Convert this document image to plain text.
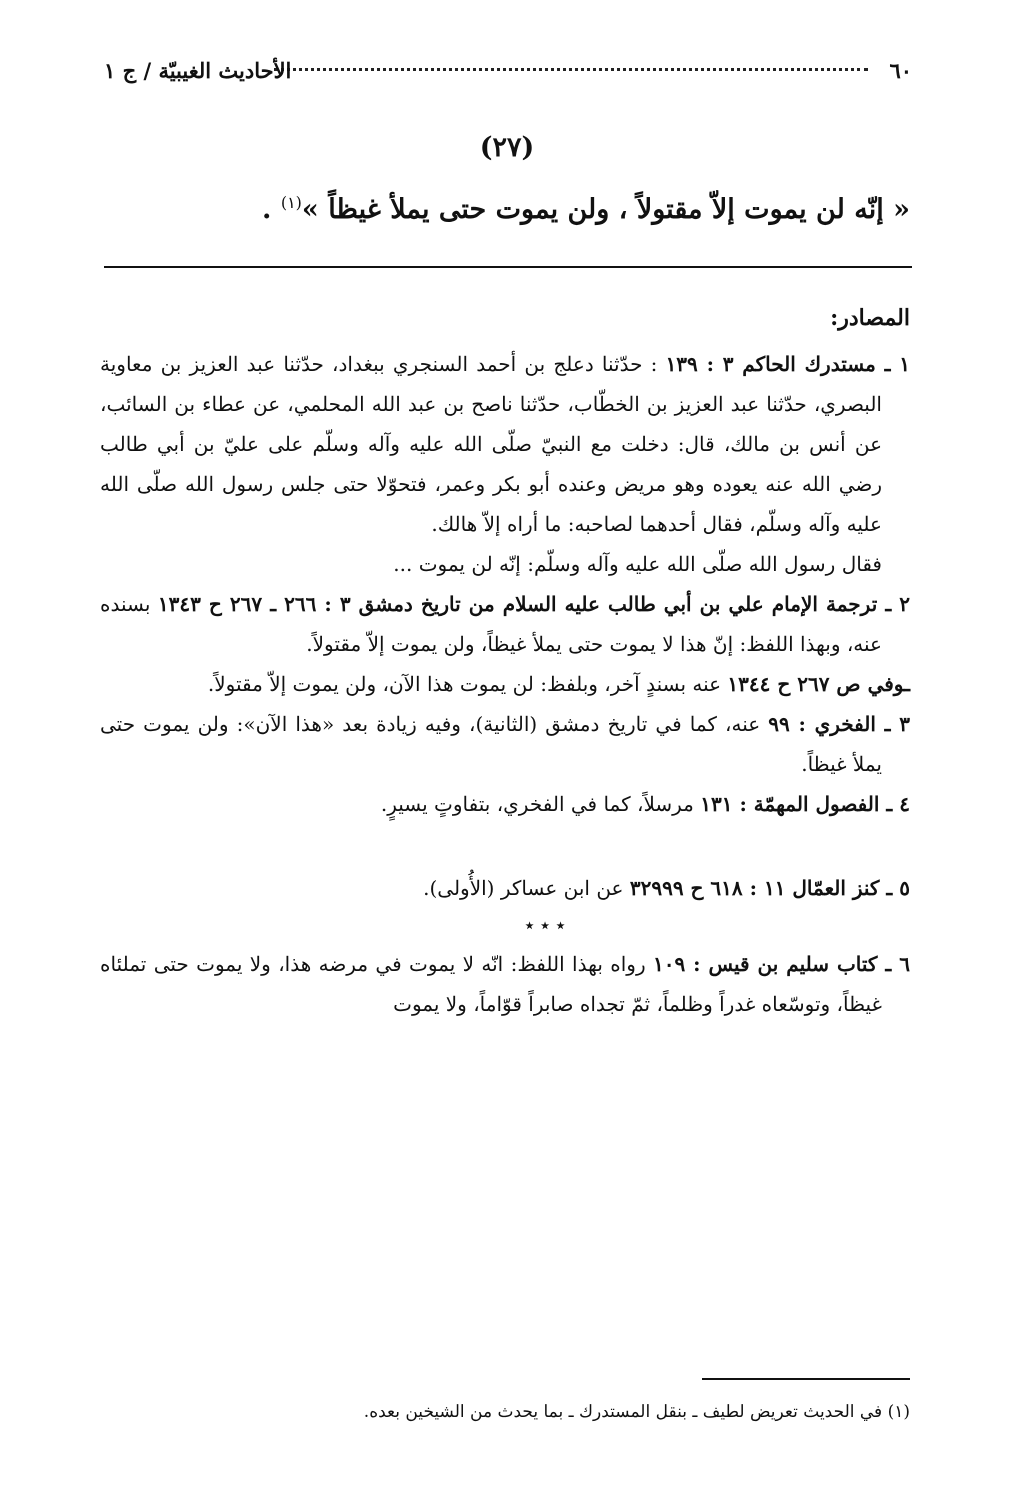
٦٠
الأحاديث الغيبيّة / ج ١
(٢٧)
« إنّه لن يموت إلاّ مقتولاً ، ولن يموت حتى يملأ غيظاً »$^{(١)}$ .
المصادر:

١ ـ مستدرك الحاكم ٣ : ١٣٩ : حدّثنا دعلج بن أحمد السنجري ببغداد، حدّثنا عبد العزيز بن معاوية البصري، حدّثنا عبد العزيز بن الخطّاب، حدّثنا ناصح بن عبد الله المحلمي، عن عطاء بن السائب، عن أنس بن مالك، قال: دخلت مع النبيّ صلّى الله عليه وآله وسلّم على عليّ بن أبي طالب رضي الله عنه يعوده وهو مريض وعنده أبو بكر وعمر، فتحوّلا حتى جلس رسول الله صلّى الله عليه وآله وسلّم، فقال أحدهما لصاحبه: ما أراه إلاّ هالك.

فقال رسول الله صلّى الله عليه وآله وسلّم: إنّه لن يموت ...

٢ ـ ترجمة الإمام علي بن أبي طالب عليه السلام من تاريخ دمشق ٣ : ٢٦٦ ـ ٢٦٧ ح ١٣٤٣ بسنده عنه، وبهذا اللفظ: إنّ هذا لا يموت حتى يملأ غيظاً، ولن يموت إلاّ مقتولاً.

ـوفي ص ٢٦٧ ح ١٣٤٤ عنه بسندٍ آخر، وبلفظ: لن يموت هذا الآن، ولن يموت إلاّ مقتولاً.

٣ ـ الفخري : ٩٩ عنه، كما في تاريخ دمشق (الثانية)، وفيه زيادة بعد «هذا الآن»: ولن يموت حتى يملأ غيظاً.

٤ ـ الفصول المهمّة : ١٣١ مرسلاً، كما في الفخري، بتفاوتٍ يسيرٍ.

٥ ـ كنز العمّال ١١ : ٦١٨ ح ٣٢٩٩٩ عن ابن عساكر (الأُولى).

٭ ٭ ٭

٦ ـ كتاب سليم بن قيس : ١٠٩ رواه بهذا اللفظ: انّه لا يموت في مرضه هذا، ولا يموت حتى تملئاه غيظاً، وتوسّعاه غدراً وظلماً، ثمّ تجداه صابراً قوّاماً، ولا يموت

(١) في الحديث تعريض لطيف ـ بنقل المستدرك ـ بما يحدث من الشيخين بعده.
